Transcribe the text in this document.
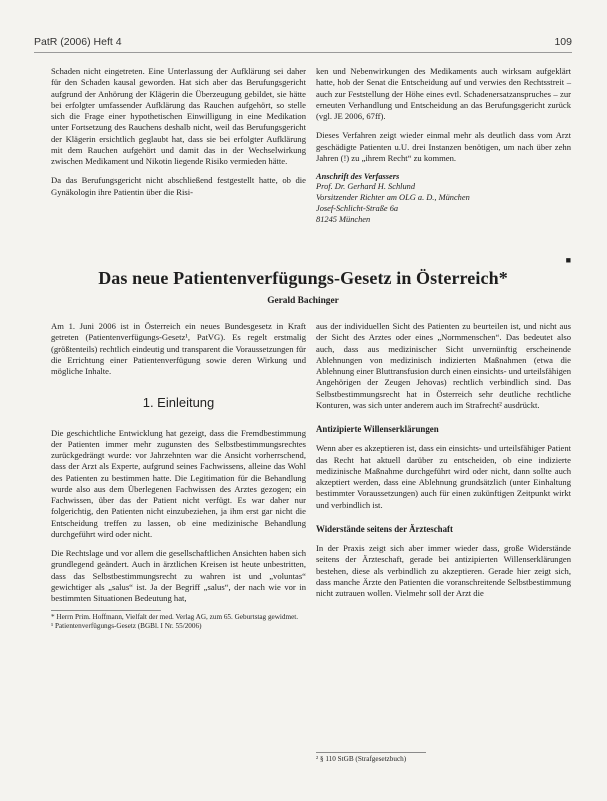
PatR (2006) Heft 4	109

Schaden nicht eingetreten. Eine Unterlassung der Aufklärung sei daher für den Schaden kausal geworden. Hat sich aber das Berufungsgericht aufgrund der Anhörung der Klägerin die Überzeugung gebildet, sie hätte bei erfolgter umfassender Aufklärung das Rauchen aufgehört, so stelle sich die Frage einer hypothetischen Einwilligung in eine Medikation unter Fortsetzung des Rauchens deshalb nicht, weil das Berufungsgericht der Klägerin ersichtlich geglaubt hat, dass sie bei erfolgter Aufklärung mit dem Rauchen aufgehört und damit das in der Wechselwirkung zwischen Medikament und Nikotin liegende Risiko vermieden hätte.

Da das Berufungsgericht nicht abschließend festgestellt hatte, ob die Gynäkologin ihre Patientin über die Risi-

ken und Nebenwirkungen des Medikaments auch wirksam aufgeklärt hatte, hob der Senat die Entscheidung auf und verwies den Rechtsstreit – auch zur Feststellung der Höhe eines evtl. Schadenersatzanspruches – zur erneuten Verhandlung und Entscheidung an das Berufungsgericht zurück (vgl. JE 2006, 67ff).

Dieses Verfahren zeigt wieder einmal mehr als deutlich dass vom Arzt geschädigte Patienten u.U. drei Instanzen benötigen, um nach über zehn Jahren (!) zu „ihrem Recht“ zu kommen.

Anschrift des Verfassers
Prof. Dr. Gerhard H. Schlund
Vorsitzender Richter am OLG a. D., München
Josef-Schlicht-Straße 6a
81245 München
■
Das neue Patientenverfügungs-Gesetz in Österreich*
Gerald Bachinger

Am 1. Juni 2006 ist in Österreich ein neues Bundesgesetz in Kraft getreten (Patientenverfügungs-Gesetz¹, PatVG). Es regelt erstmalig (größtenteils) rechtlich eindeutig und transparent die Voraussetzungen für die Errichtung einer Patientenverfügung sowie deren Wirkung und mögliche Inhalte.

1. Einleitung

Die geschichtliche Entwicklung hat gezeigt, dass die Fremdbestimmung der Patienten immer mehr zugunsten des Selbstbestimmungsrechtes zurückgedrängt wurde: vor Jahrzehnten war die Ansicht vorherrschend, dass der Arzt als Experte, aufgrund seines Fachwissens, alleine das Wohl des Patienten zu bestimmen hatte. Die Legitimation für die Behandlung wurde also aus dem Überlegenen Fachwissen des Arztes gezogen; ein Fachwissen, über das der Patient nicht verfügt. Es war daher nur folgerichtig, den Patienten nicht einzubeziehen, ja ihm erst gar nicht die Entscheidung treffen zu lassen, ob eine medizinische Behandlung durchgeführt wird oder nicht.

Die Rechtslage und vor allem die gesellschaftlichen Ansichten haben sich grundlegend geändert. Auch in ärztlichen Kreisen ist heute unbestritten, dass das Selbstbestimmungsrecht zu wahren ist und „voluntas“ gewichtiger als „salus“ ist. Ja der Begriff „salus“, der nach wie vor in bestimmten Situationen Bedeutung hat,

* Herrn Prim. Hoffmann, Vielfalt der med. Verlag AG, zum 65. Geburtstag gewidmet.
¹ Patientenverfügungs-Gesetz (BGBl. I Nr. 55/2006)

aus der individuellen Sicht des Patienten zu beurteilen ist, und nicht aus der Sicht des Arztes oder eines „Normmenschen“. Das bedeutet also auch, dass aus medizinischer Sicht unvernünftig erscheinende Ablehnungen von medizinisch indizierten Maßnahmen (etwa die Ablehnung einer Bluttransfusion durch einen einsichts- und urteilsfähigen Angehörigen der Zeugen Jehovas) rechtlich verbindlich sind. Das Selbstbestimmungsrecht hat in Österreich sehr deutliche rechtliche Konturen, was sich unter anderem auch im Strafrecht² ausdrückt.

Antizipierte Willenserklärungen

Wenn aber es akzeptieren ist, dass ein einsichts- und urteilsfähiger Patient das Recht hat aktuell darüber zu entscheiden, ob eine indizierte medizinische Maßnahme durchgeführt wird oder nicht, dann sollte auch akzeptiert werden, dass eine Ablehnung grundsätzlich (unter Einhaltung bestimmter Voraussetzungen) auch für einen zukünftigen Zeitpunkt wirkt und verbindlich ist.

Widerstände seitens der Ärzteschaft

In der Praxis zeigt sich aber immer wieder dass, große Widerstände seitens der Ärzteschaft, gerade bei antizipierten Willenserklärungen bestehen, diese als verbindlich zu akzeptieren. Gerade hier zeigt sich, dass manche Ärzte den Patienten die voranschreitende Selbstbestimmung nicht zutrauen wollen. Vielmehr soll der Arzt die

² § 110 StGB (Strafgesetzbuch)
